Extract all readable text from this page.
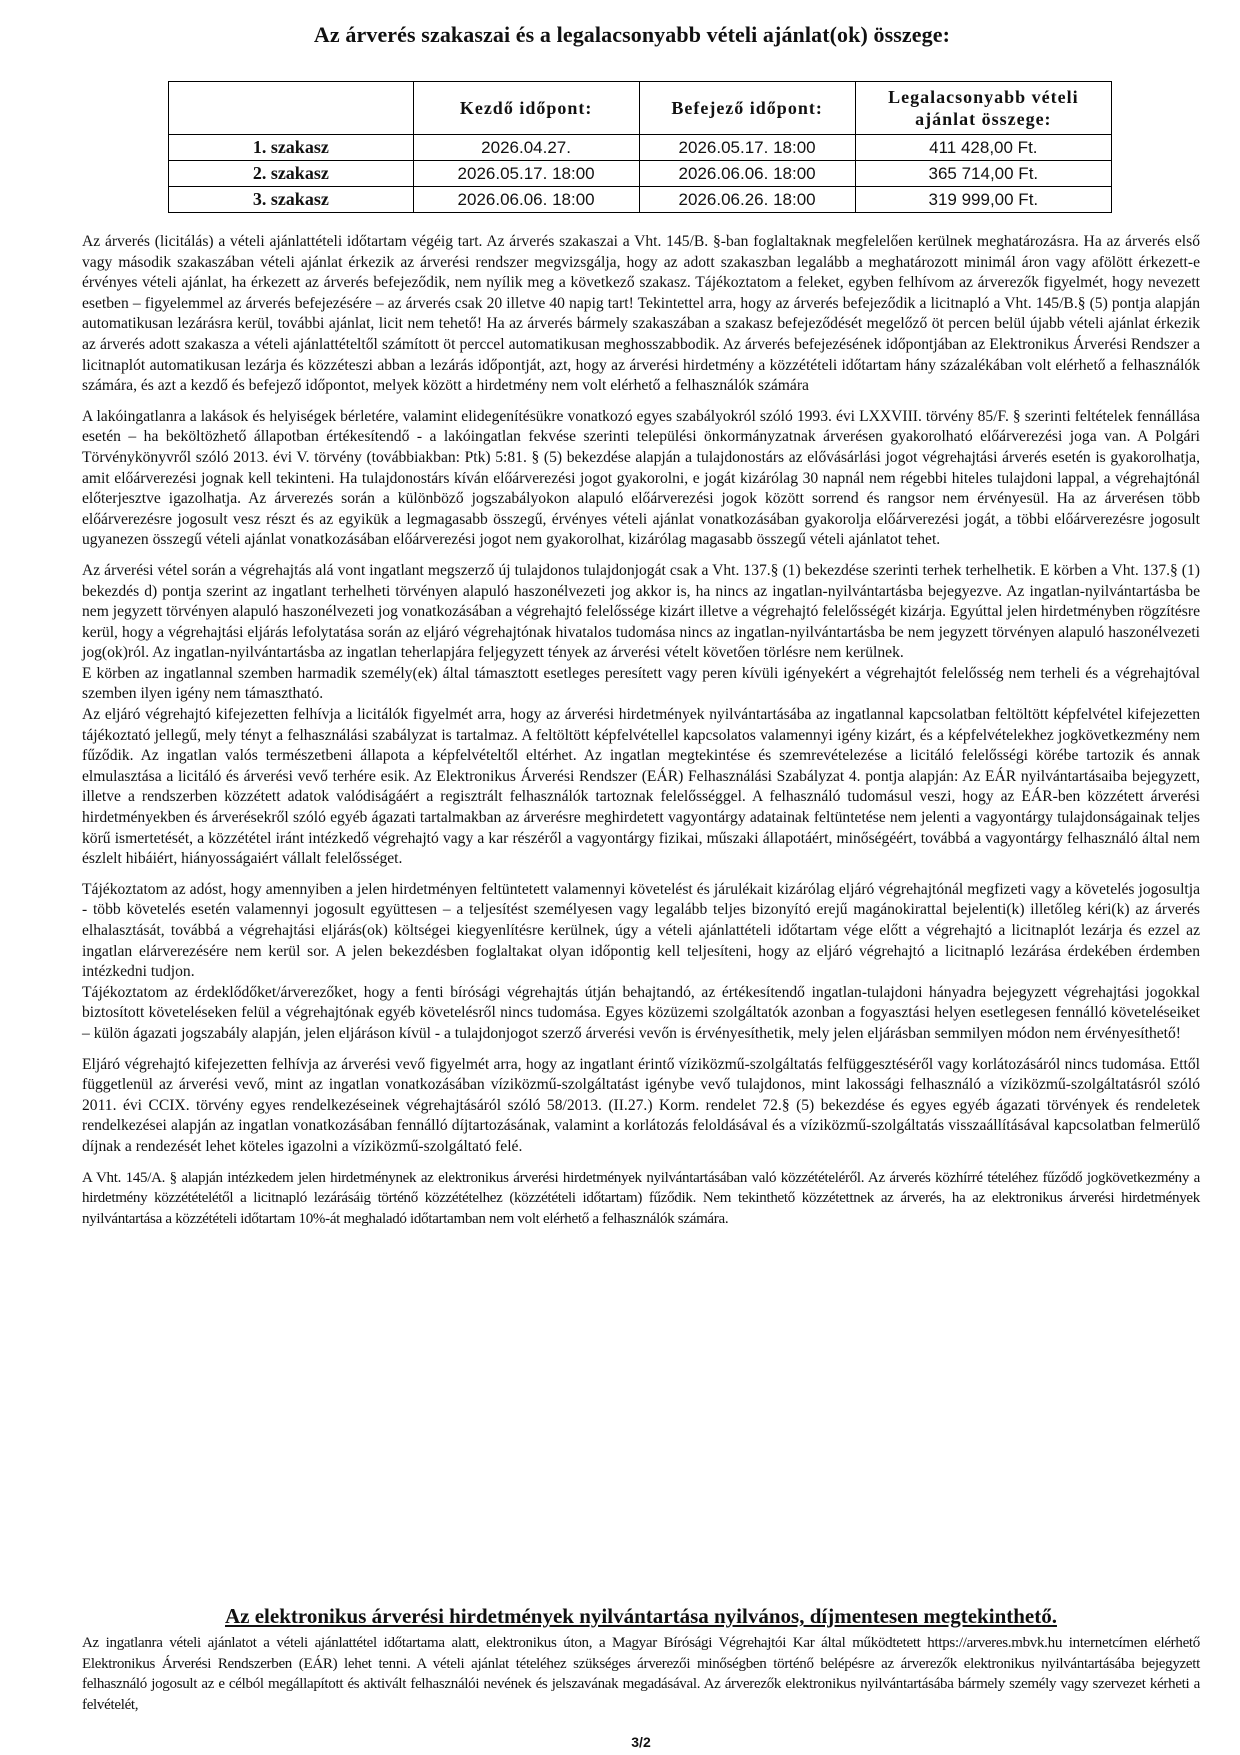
Az árverés szakaszai és a legalacsonyabb vételi ajánlat(ok) összege:
	Kezdő időpont:	Befejező időpont:	Legalacsonyabb vételi ajánlat összege:
1. szakasz	2026.04.27.	2026.05.17. 18:00	411 428,00 Ft.
2. szakasz	2026.05.17. 18:00	2026.06.06. 18:00	365 714,00 Ft.
3. szakasz	2026.06.06. 18:00	2026.06.26. 18:00	319 999,00 Ft.

Az árverés (licitálás) a vételi ajánlattételi időtartam végéig tart. Az árverés szakaszai a Vht. 145/B. §-ban foglaltaknak megfelelően kerülnek meghatározásra. Ha az árverés első vagy második szakaszában vételi ajánlat érkezik az árverési rendszer megvizsgálja, hogy az adott szakaszban legalább a meghatározott minimál áron vagy afölött érkezett-e érvényes vételi ajánlat, ha érkezett az árverés befejeződik, nem nyílik meg a következő szakasz. Tájékoztatom a feleket, egyben felhívom az árverezők figyelmét, hogy nevezett esetben – figyelemmel az árverés befejezésére – az árverés csak 20 illetve 40 napig tart! Tekintettel arra, hogy az árverés befejeződik a licitnapló a Vht. 145/B.§ (5) pontja alapján automatikusan lezárásra kerül, további ajánlat, licit nem tehető! Ha az árverés bármely szakaszában a szakasz befejeződését megelőző öt percen belül újabb vételi ajánlat érkezik az árverés adott szakasza a vételi ajánlattételtől számított öt perccel automatikusan meghosszabbodik. Az árverés befejezésének időpontjában az Elektronikus Árverési Rendszer a licitnaplót automatikusan lezárja és közzéteszi abban a lezárás időpontját, azt, hogy az árverési hirdetmény a közzétételi időtartam hány százalékában volt elérhető a felhasználók számára, és azt a kezdő és befejező időpontot, melyek között a hirdetmény nem volt elérhető a felhasználók számára

A lakóingatlanra a lakások és helyiségek bérletére, valamint elidegenítésükre vonatkozó egyes szabályokról szóló 1993. évi LXXVIII. törvény 85/F. § szerinti feltételek fennállása esetén – ha beköltözhető állapotban értékesítendő - a lakóingatlan fekvése szerinti települési önkormányzatnak árverésen gyakorolható előárverezési joga van. A Polgári Törvénykönyvről szóló 2013. évi V. törvény (továbbiakban: Ptk) 5:81. § (5) bekezdése alapján a tulajdonostárs az elővásárlási jogot végrehajtási árverés esetén is gyakorolhatja, amit előárverezési jognak kell tekinteni. Ha tulajdonostárs kíván előárverezési jogot gyakorolni, e jogát kizárólag 30 napnál nem régebbi hiteles tulajdoni lappal, a végrehajtónál előterjesztve igazolhatja. Az árverezés során a különböző jogszabályokon alapuló előárverezési jogok között sorrend és rangsor nem érvényesül. Ha az árverésen több előárverezésre jogosult vesz részt és az egyikük a legmagasabb összegű, érvényes vételi ajánlat vonatkozásában gyakorolja előárverezési jogát, a többi előárverezésre jogosult ugyanezen összegű vételi ajánlat vonatkozásában előárverezési jogot nem gyakorolhat, kizárólag magasabb összegű vételi ajánlatot tehet.

Az árverési vétel során a végrehajtás alá vont ingatlant megszerző új tulajdonos tulajdonjogát csak a Vht. 137.§ (1) bekezdése szerinti terhek terhelhetik. E körben a Vht. 137.§ (1) bekezdés d) pontja szerint az ingatlant terhelheti törvényen alapuló haszonélvezeti jog akkor is, ha nincs az ingatlan-nyilvántartásba bejegyezve. Az ingatlan-nyilvántartásba be nem jegyzett törvényen alapuló haszonélvezeti jog vonatkozásában a végrehajtó felelőssége kizárt illetve a végrehajtó felelősségét kizárja. Egyúttal jelen hirdetményben rögzítésre kerül, hogy a végrehajtási eljárás lefolytatása során az eljáró végrehajtónak hivatalos tudomása nincs az ingatlan-nyilvántartásba be nem jegyzett törvényen alapuló haszonélvezeti jog(ok)ról. Az ingatlan-nyilvántartásba az ingatlan teherlapjára feljegyzett tények az árverési vételt követően törlésre nem kerülnek.

E körben az ingatlannal szemben harmadik személy(ek) által támasztott esetleges peresített vagy peren kívüli igényekért a végrehajtót felelősség nem terheli és a végrehajtóval szemben ilyen igény nem támasztható.

Az eljáró végrehajtó kifejezetten felhívja a licitálók figyelmét arra, hogy az árverési hirdetmények nyilvántartásába az ingatlannal kapcsolatban feltöltött képfelvétel kifejezetten tájékoztató jellegű, mely tényt a felhasználási szabályzat is tartalmaz. A feltöltött képfelvétellel kapcsolatos valamennyi igény kizárt, és a képfelvételekhez jogkövetkezmény nem fűződik. Az ingatlan valós természetbeni állapota a képfelvételtől eltérhet. Az ingatlan megtekintése és szemrevételezése a licitáló felelősségi körébe tartozik és annak elmulasztása a licitáló és árverési vevő terhére esik. Az Elektronikus Árverési Rendszer (EÁR) Felhasználási Szabályzat 4. pontja alapján: Az EÁR nyilvántartásaiba bejegyzett, illetve a rendszerben közzétett adatok valódiságáért a regisztrált felhasználók tartoznak felelősséggel. A felhasználó tudomásul veszi, hogy az EÁR-ben közzétett árverési hirdetményekben és árverésekről szóló egyéb ágazati tartalmakban az árverésre meghirdetett vagyontárgy adatainak feltüntetése nem jelenti a vagyontárgy tulajdonságainak teljes körű ismertetését, a közzététel iránt intézkedő végrehajtó vagy a kar részéről a vagyontárgy fizikai, műszaki állapotáért, minőségéért, továbbá a vagyontárgy felhasználó által nem észlelt hibáiért, hiányosságaiért vállalt felelősséget.

Tájékoztatom az adóst, hogy amennyiben a jelen hirdetményen feltüntetett valamennyi követelést és járulékait kizárólag eljáró végrehajtónál megfizeti vagy a követelés jogosultja - több követelés esetén valamennyi jogosult együttesen – a teljesítést személyesen vagy legalább teljes bizonyító erejű magánokirattal bejelenti(k) illetőleg kéri(k) az árverés elhalasztását, továbbá a végrehajtási eljárás(ok) költségei kiegyenlítésre kerülnek, úgy a vételi ajánlattételi időtartam vége előtt a végrehajtó a licitnaplót lezárja és ezzel az ingatlan elárverezésére nem kerül sor. A jelen bekezdésben foglaltakat olyan időpontig kell teljesíteni, hogy az eljáró végrehajtó a licitnapló lezárása érdekében érdemben intézkedni tudjon.

Tájékoztatom az érdeklődőket/árverezőket, hogy a fenti bírósági végrehajtás útján behajtandó, az értékesítendő ingatlan-tulajdoni hányadra bejegyzett végrehajtási jogokkal biztosított követeléseken felül a végrehajtónak egyéb követelésről nincs tudomása. Egyes közüzemi szolgáltatók azonban a fogyasztási helyen esetlegesen fennálló követeléseiket – külön ágazati jogszabály alapján, jelen eljáráson kívül - a tulajdonjogot szerző árverési vevőn is érvényesíthetik, mely jelen eljárásban semmilyen módon nem érvényesíthető!

Eljáró végrehajtó kifejezetten felhívja az árverési vevő figyelmét arra, hogy az ingatlant érintő víziközmű-szolgáltatás felfüggesztéséről vagy korlátozásáról nincs tudomása. Ettől függetlenül az árverési vevő, mint az ingatlan vonatkozásában víziközmű-szolgáltatást igénybe vevő tulajdonos, mint lakossági felhasználó a víziközmű-szolgáltatásról szóló 2011. évi CCIX. törvény egyes rendelkezéseinek végrehajtásáról szóló 58/2013. (II.27.) Korm. rendelet 72.§ (5) bekezdése és egyes egyéb ágazati törvények és rendeletek rendelkezései alapján az ingatlan vonatkozásában fennálló díjtartozásának, valamint a korlátozás feloldásával és a víziközmű-szolgáltatás visszaállításával kapcsolatban felmerülő díjnak a rendezését lehet köteles igazolni a víziközmű-szolgáltató felé.

A Vht. 145/A. § alapján intézkedem jelen hirdetménynek az elektronikus árverési hirdetmények nyilvántartásában való közzétételéről. Az árverés közhírré tételéhez fűződő jogkövetkezmény a hirdetmény közzétételétől a licitnapló lezárásáig történő közzétételhez (közzétételi időtartam) fűződik. Nem tekinthető közzétettnek az árverés, ha az elektronikus árverési hirdetmények nyilvántartása a közzétételi időtartam 10%-át meghaladó időtartamban nem volt elérhető a felhasználók számára.

Az elektronikus árverési hirdetmények nyilvántartása nyilvános, díjmentesen megtekinthető.

Az ingatlanra vételi ajánlatot a vételi ajánlattétel időtartama alatt, elektronikus úton, a Magyar Bírósági Végrehajtói Kar által működtetett https://arveres.mbvk.hu internetcímen elérhető Elektronikus Árverési Rendszerben (EÁR) lehet tenni. A vételi ajánlat tételéhez szükséges árverezői minőségben történő belépésre az árverezők elektronikus nyilvántartásába bejegyzett felhasználó jogosult az e célból megállapított és aktivált felhasználói nevének és jelszavának megadásával. Az árverezők elektronikus nyilvántartásába bármely személy vagy szervezet kérheti a felvételét,

3/2
